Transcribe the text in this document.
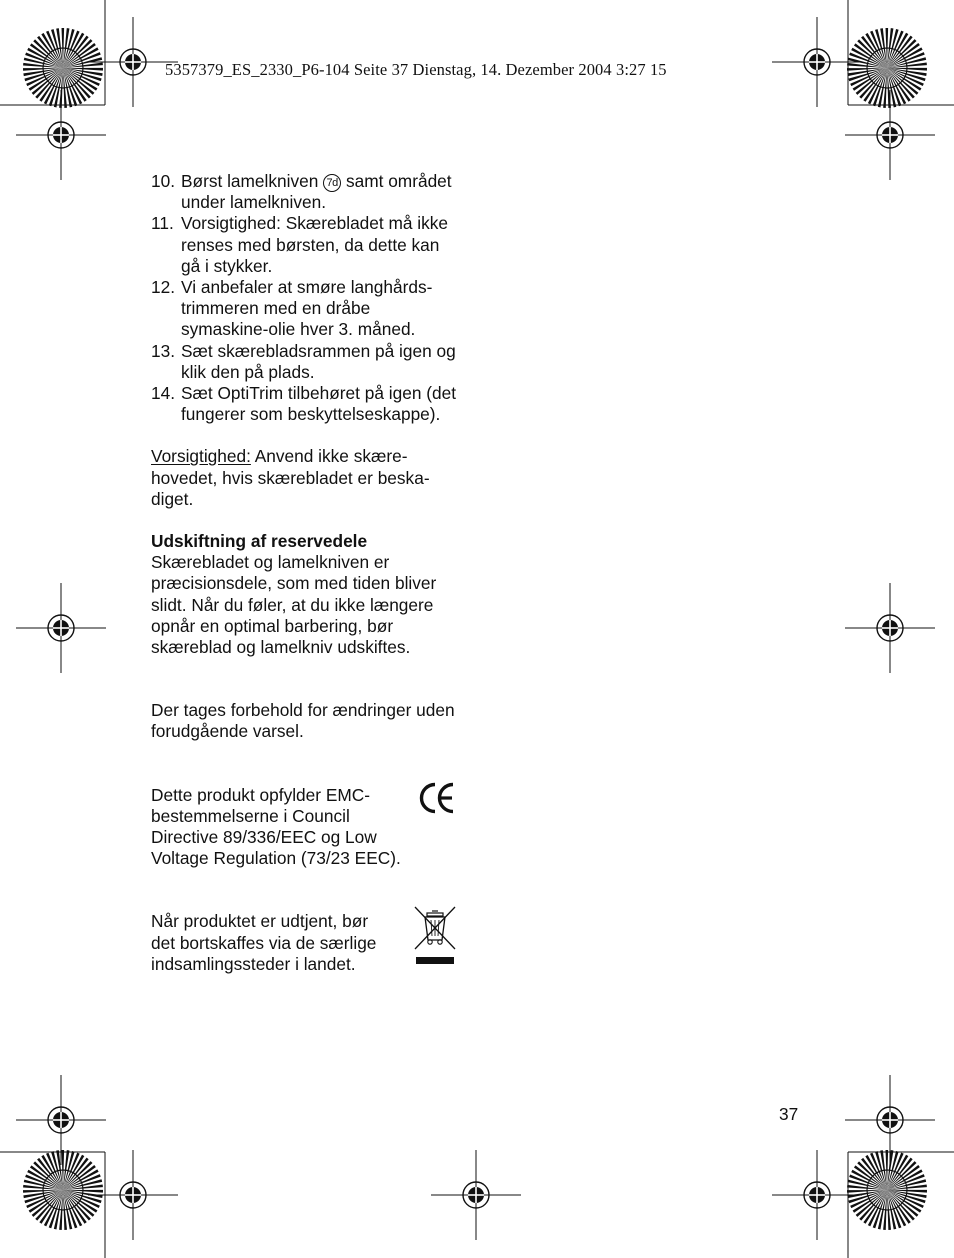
5357379_ES_2330_P6-104 Seite 37 Dienstag, 14. Dezember 2004 3:27 15
10. Børst lamelkniven 7d samt området under lamelkniven.
11. Vorsigtighed: Skærebladet må ikke renses med børsten, da dette kan gå i stykker.
12. Vi anbefaler at smøre langhårds-trimmeren med en dråbe symaskine-olie hver 3. måned.
13. Sæt skærebladsrammen på igen og klik den på plads.
14. Sæt OptiTrim tilbehøret på igen (det fungerer som beskyttelseskappe).

Vorsigtighed: Anvend ikke skære-hovedet, hvis skærebladet er beska-diget.

Udskiftning af reservedele

Skærebladet og lamelkniven er præcisionsdele, som med tiden bliver slidt. Når du føler, at du ikke længere opnår en optimal barbering, bør skæreblad og lamelkniv udskiftes.

Der tages forbehold for ændringer uden forudgående varsel.

Dette produkt opfylder EMC-
bestemmelserne i Council
Directive 89/336/EEC og Low
Voltage Regulation (73/23 EEC).
Når produktet er udtjent, bør
det bortskaffes via de særlige
indsamlingssteder i landet.
37
